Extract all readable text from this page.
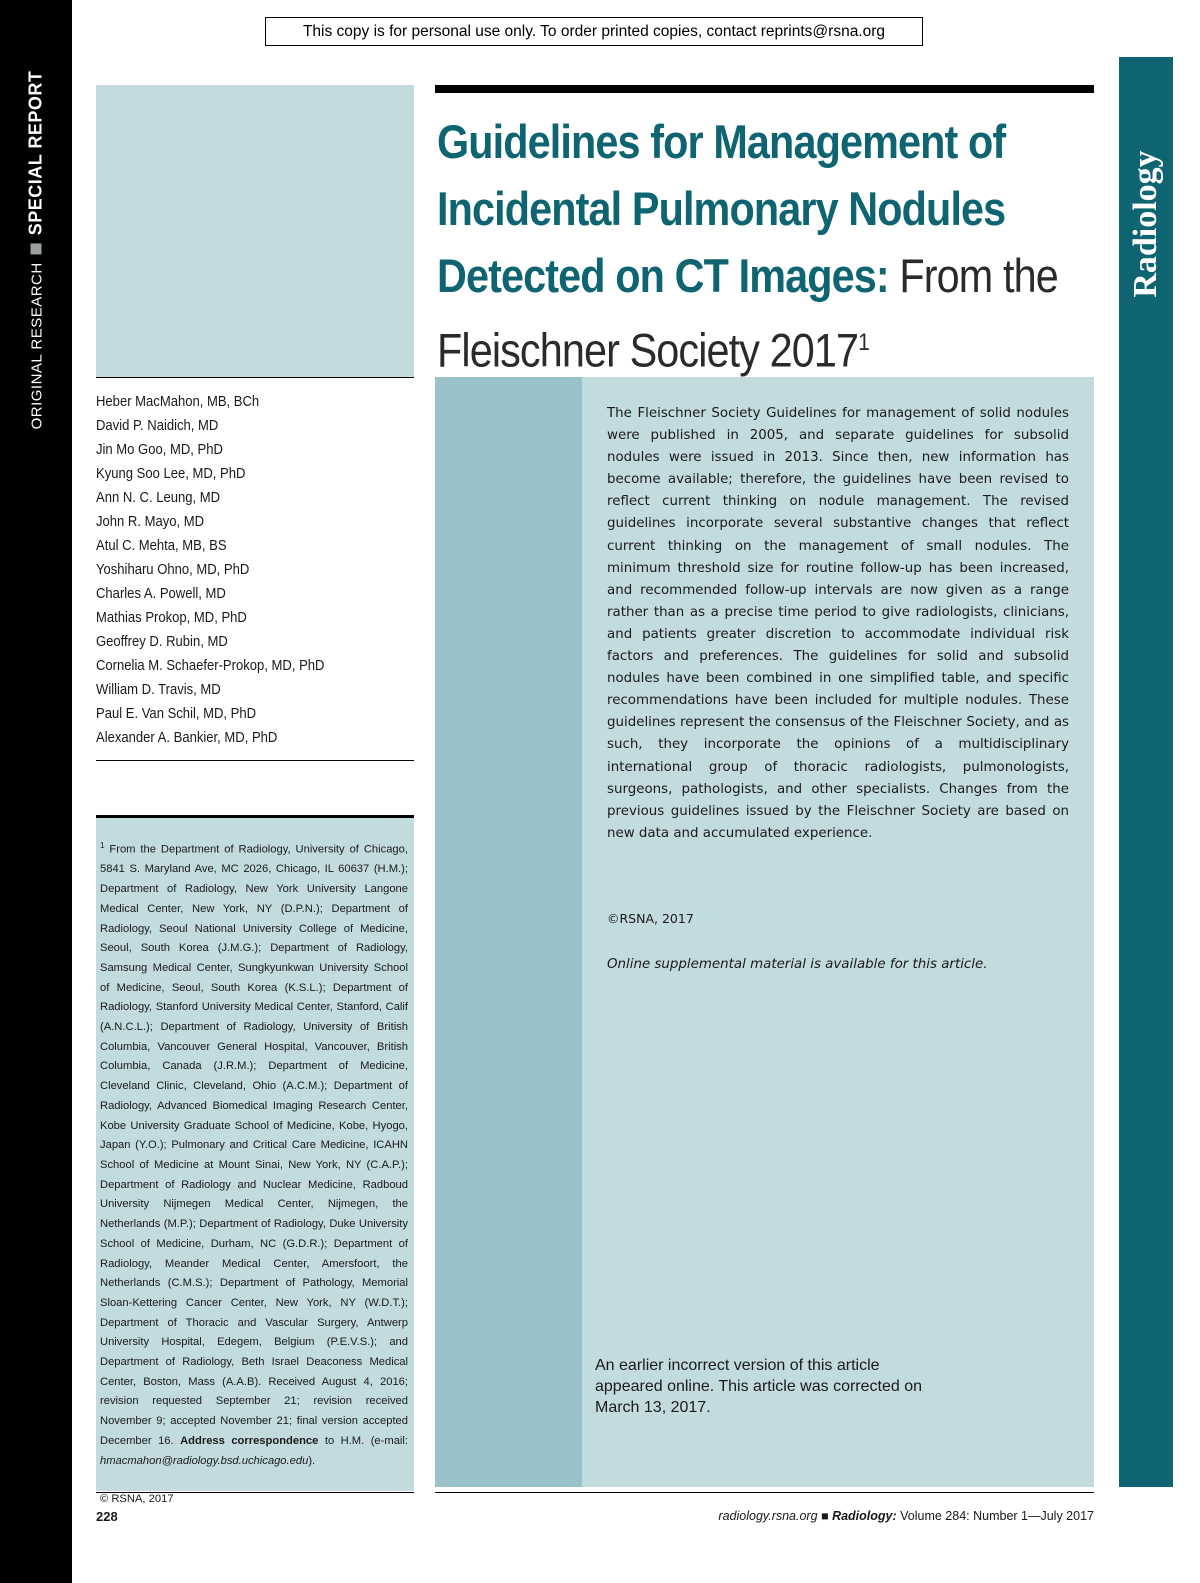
ORIGINAL RESEARCHSPECIAL REPORT	Radiology
This copy is for personal use only. To order printed copies, contact reprints@rsna.org
Heber MacMahon, MB, BCh
David P. Naidich, MD
Jin Mo Goo, MD, PhD
Kyung Soo Lee, MD, PhD
Ann N. C. Leung, MD
John R. Mayo, MD
Atul C. Mehta, MB, BS
Yoshiharu Ohno, MD, PhD
Charles A. Powell, MD
Mathias Prokop, MD, PhD
Geoffrey D. Rubin, MD
Cornelia M. Schaefer-Prokop, MD, PhD
William D. Travis, MD
Paul E. Van Schil, MD, PhD
Alexander A. Bankier, MD, PhD

$^1$ From the Department of Radiology, University of Chicago, 5841 S. Maryland Ave, MC 2026, Chicago, IL 60637 (H.M.); Department of Radiology, New York University Langone Medical Center, New York, NY (D.P.N.); Department of Radiology, Seoul National University College of Medicine, Seoul, South Korea (J.M.G.); Department of Radiology, Samsung Medical Center, Sungkyunkwan University School of Medicine, Seoul, South Korea (K.S.L.); Department of Radiology, Stanford University Medical Center, Stanford, Calif (A.N.C.L.); Department of Radiology, University of British Columbia, Vancouver General Hospital, Vancouver, British Columbia, Canada (J.R.M.); Department of Medicine, Cleveland Clinic, Cleveland, Ohio (A.C.M.); Department of Radiology, Advanced Biomedical Imaging Research Center, Kobe University Graduate School of Medicine, Kobe, Hyogo, Japan (Y.O.); Pulmonary and Critical Care Medicine, ICAHN School of Medicine at Mount Sinai, New York, NY (C.A.P.); Department of Radiology and Nuclear Medicine, Radboud University Nijmegen Medical Center, Nijmegen, the Netherlands (M.P.); Department of Radiology, Duke University School of Medicine, Durham, NC (G.D.R.); Department of Radiology, Meander Medical Center, Amersfoort, the Netherlands (C.M.S.); Department of Pathology, Memorial Sloan-Kettering Cancer Center, New York, NY (W.D.T.); Department of Thoracic and Vascular Surgery, Antwerp University Hospital, Edegem, Belgium (P.E.V.S.); and Department of Radiology, Beth Israel Deaconess Medical Center, Boston, Mass (A.A.B). Received August 4, 2016; revision requested September 21; revision received November 9; accepted November 21; final version accepted December 16. Address correspondence to H.M. (e-mail: hmacmahon@radiology.bsd.uchicago.edu).

© RSNA, 2017

Guidelines for Management of
Incidental Pulmonary Nodules
Detected on CT Images: From the
Fleischner Society 2017$^1$

The Fleischner Society Guidelines for management of solid nodules were published in 2005, and separate guidelines for subsolid nodules were issued in 2013. Since then, new information has become available; therefore, the guidelines have been revised to reflect current thinking on nodule management. The revised guidelines incorporate several substantive changes that reflect current thinking on the management of small nodules. The minimum threshold size for routine follow-up has been increased, and recommended follow-up intervals are now given as a range rather than as a precise time period to give radiologists, clinicians, and patients greater discretion to accommodate individual risk factors and preferences. The guidelines for solid and subsolid nodules have been combined in one simplified table, and specific recommendations have been included for multiple nodules. These guidelines represent the consensus of the Fleischner Society, and as such, they incorporate the opinions of a multidisciplinary international group of thoracic radiologists, pulmonologists, surgeons, pathologists, and other specialists. Changes from the previous guidelines issued by the Fleischner Society are based on new data and accumulated experience.

©RSNA, 2017

Online supplemental material is available for this article.

An earlier incorrect version of this article appeared online. This article was corrected on March 13, 2017.

228	radiology.rsna.org ■ Radiology: Volume 284: Number 1—July 2017
